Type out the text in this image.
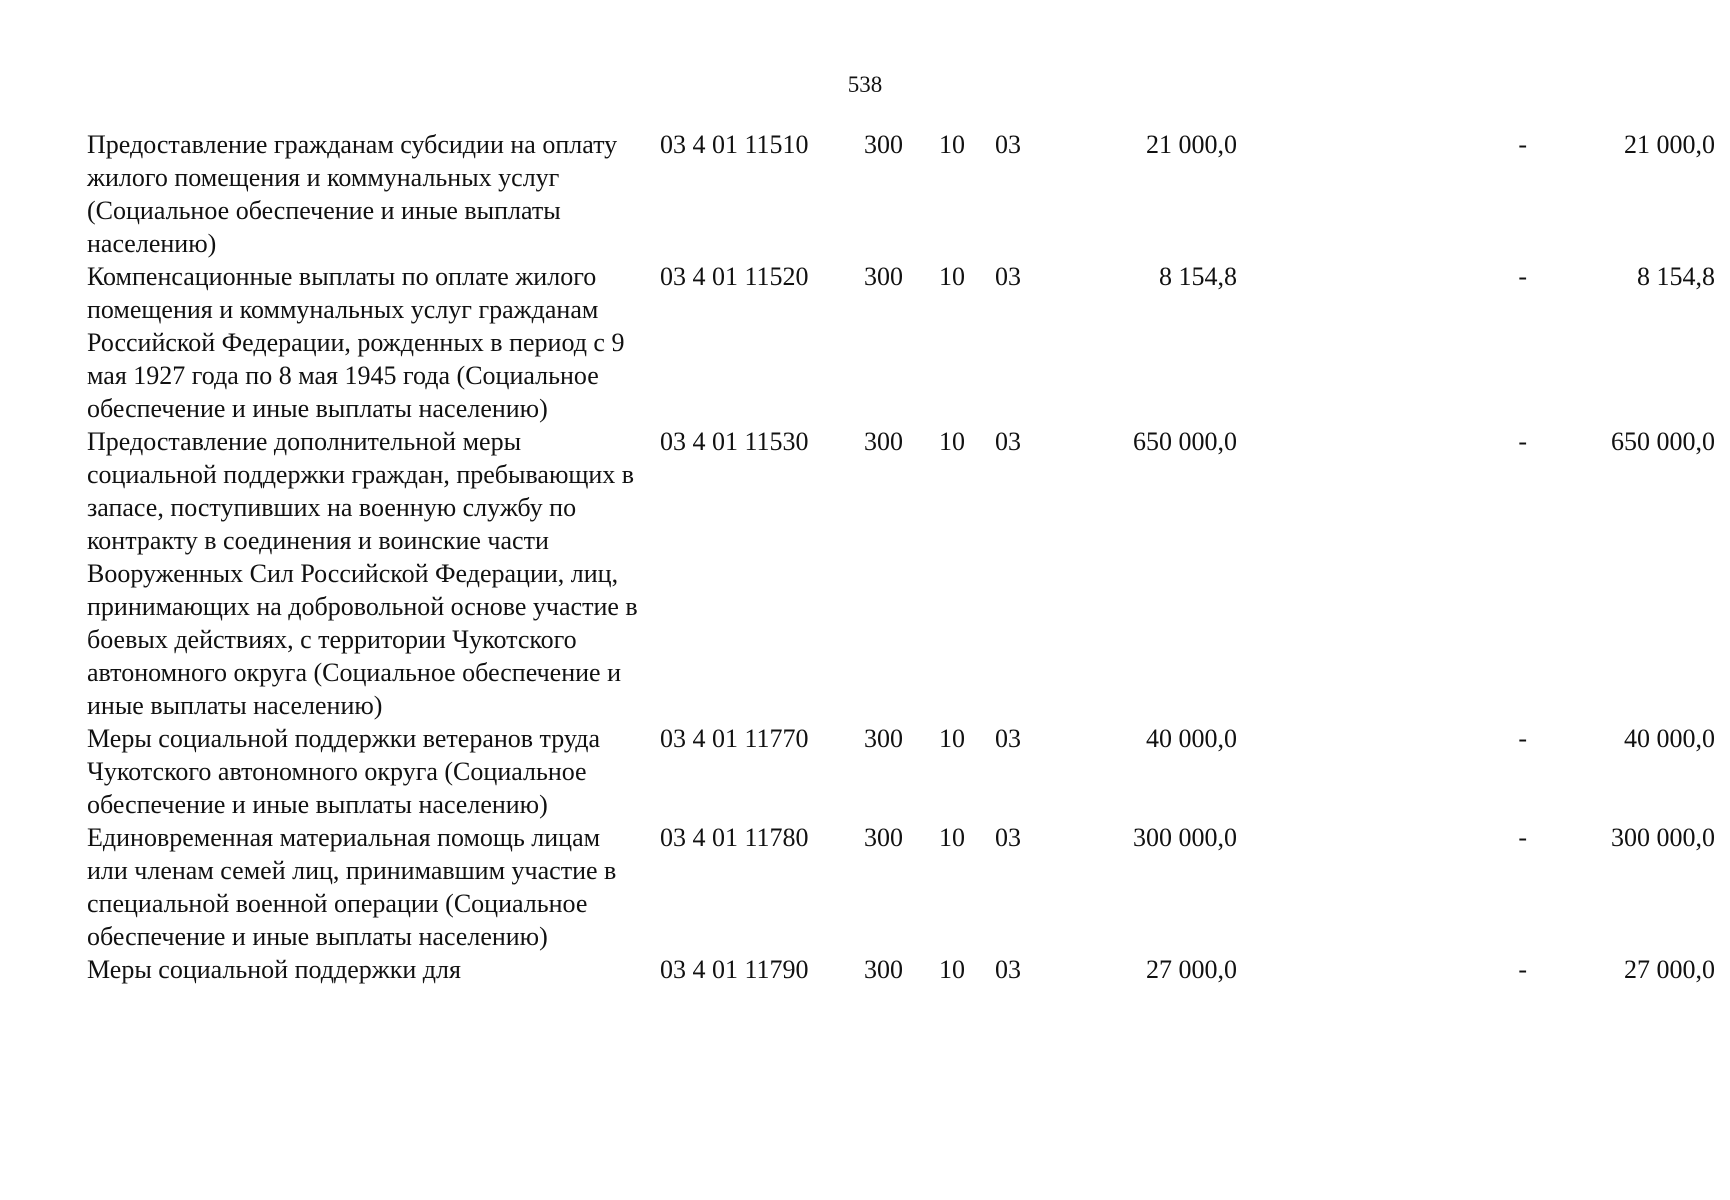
538
Предоставление гражданам субсидии на оплату жилого помещения и коммунальных услуг (Социальное обеспечение и иные выплаты населению)
03 4 01 11510 300 10 03	21 000,0	-	21 000,0
Компенсационные выплаты по оплате жилого помещения и коммунальных услуг гражданам Российской Федерации, рожденных в период с 9 мая 1927 года по 8 мая 1945 года (Социальное обеспечение и иные выплаты населению)
03 4 01 11520 300 10 03	8 154,8	-	8 154,8
Предоставление дополнительной меры социальной поддержки граждан, пребывающих в запасе, поступивших на военную службу по контракту в соединения и воинские части Вооруженных Сил Российской Федерации, лиц, принимающих на добровольной основе участие в боевых действиях, с территории Чукотского автономного округа (Социальное обеспечение и иные выплаты населению)
03 4 01 11530 300 10 03	650 000,0	-	650 000,0
Меры социальной поддержки ветеранов труда Чукотского автономного округа (Социальное обеспечение и иные выплаты населению)
03 4 01 11770 300 10 03	40 000,0	-	40 000,0
Единовременная материальная помощь лицам или членам семей лиц, принимавшим участие в специальной военной операции (Социальное обеспечение и иные выплаты населению)
03 4 01 11780 300 10 03	300 000,0	-	300 000,0
Меры социальной поддержки для	03 4 01 11790 300 10 03	27 000,0	-	27 000,0
